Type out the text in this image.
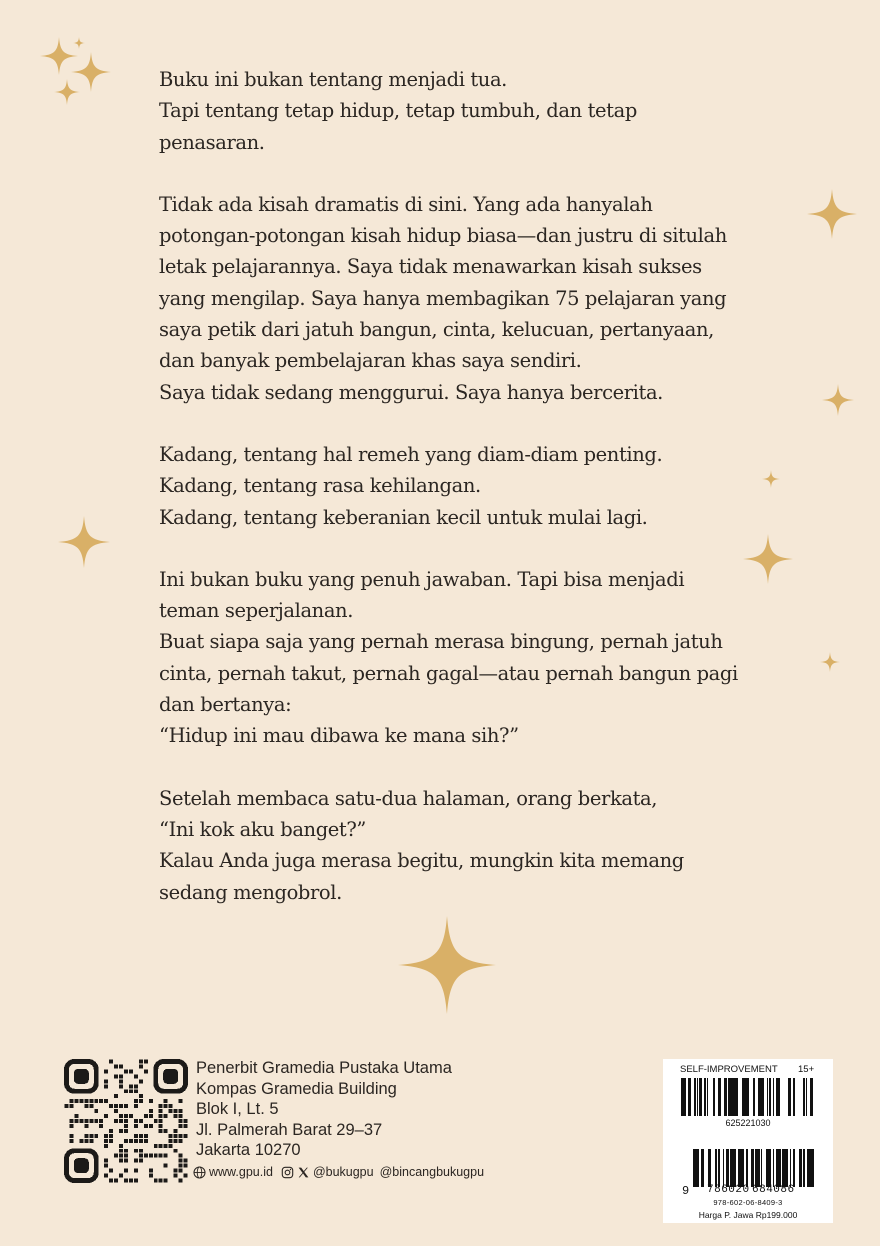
Buku ini bukan tentang menjadi tua.
Tapi tentang tetap hidup, tetap tumbuh, dan tetap
penasaran.

Tidak ada kisah dramatis di sini. Yang ada hanyalah
potongan-potongan kisah hidup biasa—dan justru di situlah
letak pelajarannya. Saya tidak menawarkan kisah sukses
yang mengilap. Saya hanya membagikan 75 pelajaran yang
saya petik dari jatuh bangun, cinta, kelucuan, pertanyaan,
dan banyak pembelajaran khas saya sendiri.
Saya tidak sedang menggurui. Saya hanya bercerita.

Kadang, tentang hal remeh yang diam-diam penting.
Kadang, tentang rasa kehilangan.
Kadang, tentang keberanian kecil untuk mulai lagi.

Ini bukan buku yang penuh jawaban. Tapi bisa menjadi
teman seperjalanan.
Buat siapa saja yang pernah merasa bingung, pernah jatuh
cinta, pernah takut, pernah gagal—atau pernah bangun pagi
dan bertanya:
“Hidup ini mau dibawa ke mana sih?”

Setelah membaca satu-dua halaman, orang berkata,
“Ini kok aku banget?”
Kalau Anda juga merasa begitu, mungkin kita memang
sedang mengobrol.

Penerbit Gramedia Pustaka Utama
Kompas Gramedia Building
Blok I, Lt. 5
Jl. Palmerah Barat 29–37
Jakarta 10270
www.gpu.id	@bukugpu @bincangbukugpu
SELF-IMPROVEMENT 15+
625221030
9 786020 684086
978-602-06-8409-3
Harga P. Jawa Rp199.000
